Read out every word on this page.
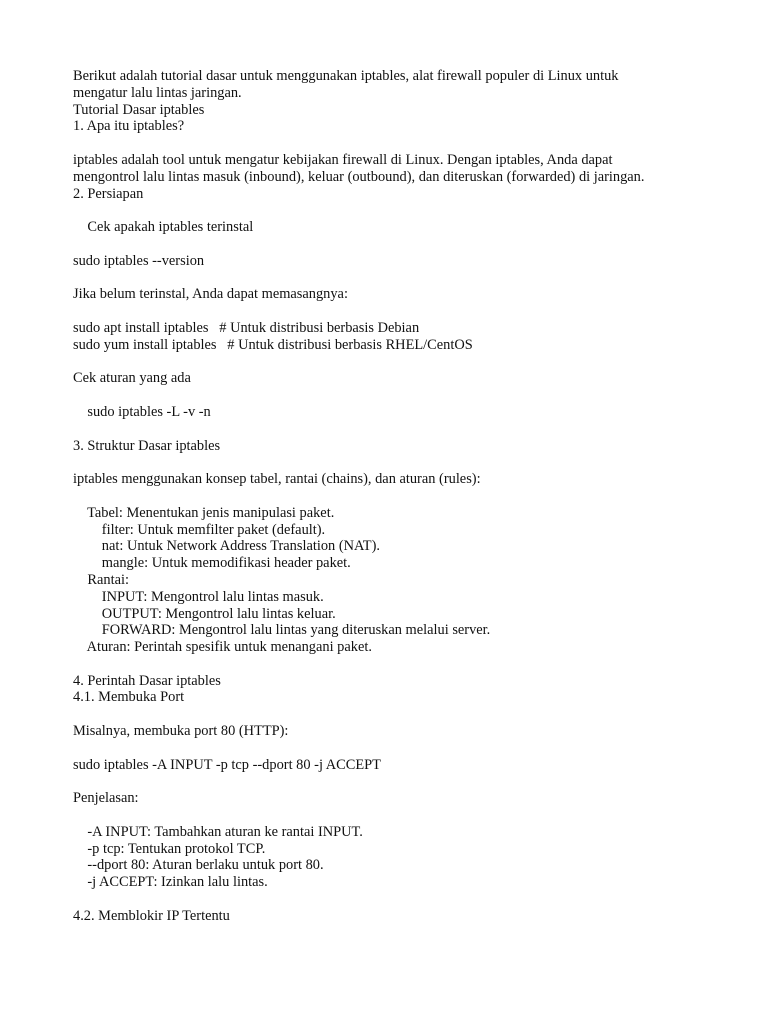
Berikut adalah tutorial dasar untuk menggunakan iptables, alat firewall populer di Linux untuk
mengatur lalu lintas jaringan.
Tutorial Dasar iptables
1. Apa itu iptables?
iptables adalah tool untuk mengatur kebijakan firewall di Linux. Dengan iptables, Anda dapat
mengontrol lalu lintas masuk (inbound), keluar (outbound), dan diteruskan (forwarded) di jaringan.
2. Persiapan
Cek apakah iptables terinstal
sudo iptables --version
Jika belum terinstal, Anda dapat memasangnya:
sudo apt install iptables   # Untuk distribusi berbasis Debian
sudo yum install iptables   # Untuk distribusi berbasis RHEL/CentOS
Cek aturan yang ada
sudo iptables -L -v -n
3. Struktur Dasar iptables
iptables menggunakan konsep tabel, rantai (chains), dan aturan (rules):
Tabel: Menentukan jenis manipulasi paket.
filter: Untuk memfilter paket (default).
nat: Untuk Network Address Translation (NAT).
mangle: Untuk memodifikasi header paket.
Rantai:
INPUT: Mengontrol lalu lintas masuk.
OUTPUT: Mengontrol lalu lintas keluar.
FORWARD: Mengontrol lalu lintas yang diteruskan melalui server.
Aturan: Perintah spesifik untuk menangani paket.
4. Perintah Dasar iptables
4.1. Membuka Port
Misalnya, membuka port 80 (HTTP):
sudo iptables -A INPUT -p tcp --dport 80 -j ACCEPT
Penjelasan:
-A INPUT: Tambahkan aturan ke rantai INPUT.
-p tcp: Tentukan protokol TCP.
--dport 80: Aturan berlaku untuk port 80.
-j ACCEPT: Izinkan lalu lintas.
4.2. Memblokir IP Tertentu
